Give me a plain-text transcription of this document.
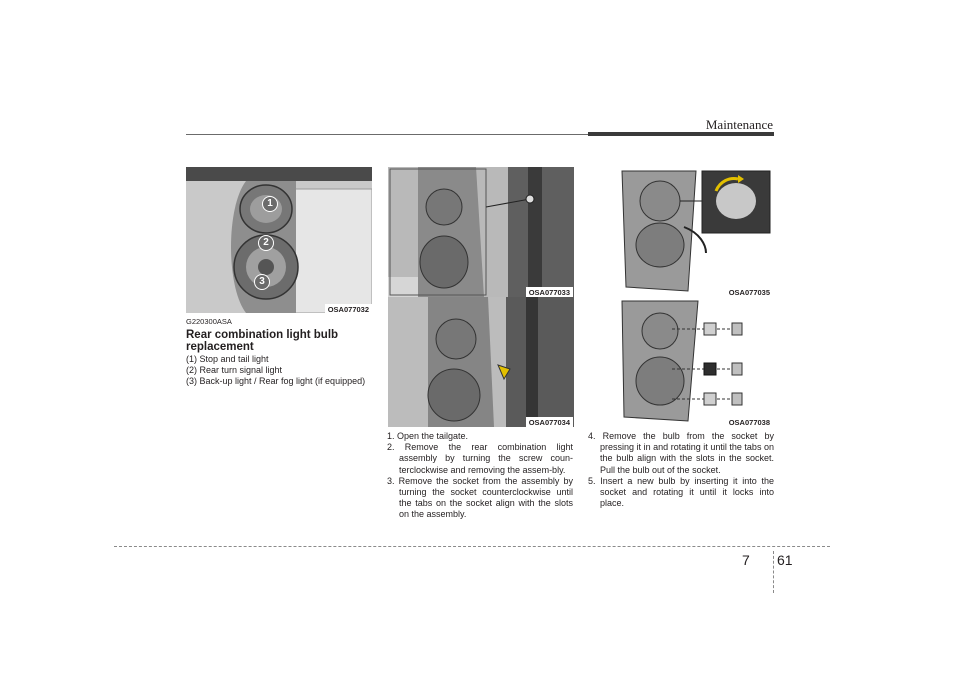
Maintenance
1
2
3
OSA077032
OSA077033
OSA077034
OSA077035
OSA077038
G220300ASA
Rear combination light bulb replacement
(1) Stop and tail light
(2) Rear turn signal light
(3) Back-up light / Rear fog light (if equipped)
1. Open the tailgate.
2. Remove the rear combination light assembly by turning the screw coun-terclockwise and removing the assem-bly.
3. Remove the socket from the assembly by turning the socket counterclockwise until the tabs on the socket align with the slots on the assembly.
4. Remove the bulb from the socket by pressing it in and rotating it until the tabs on the bulb align with the slots in the socket. Pull the bulb out of the socket.
5. Insert a new bulb by inserting it into the socket and rotating it until it locks into place.
7 61
